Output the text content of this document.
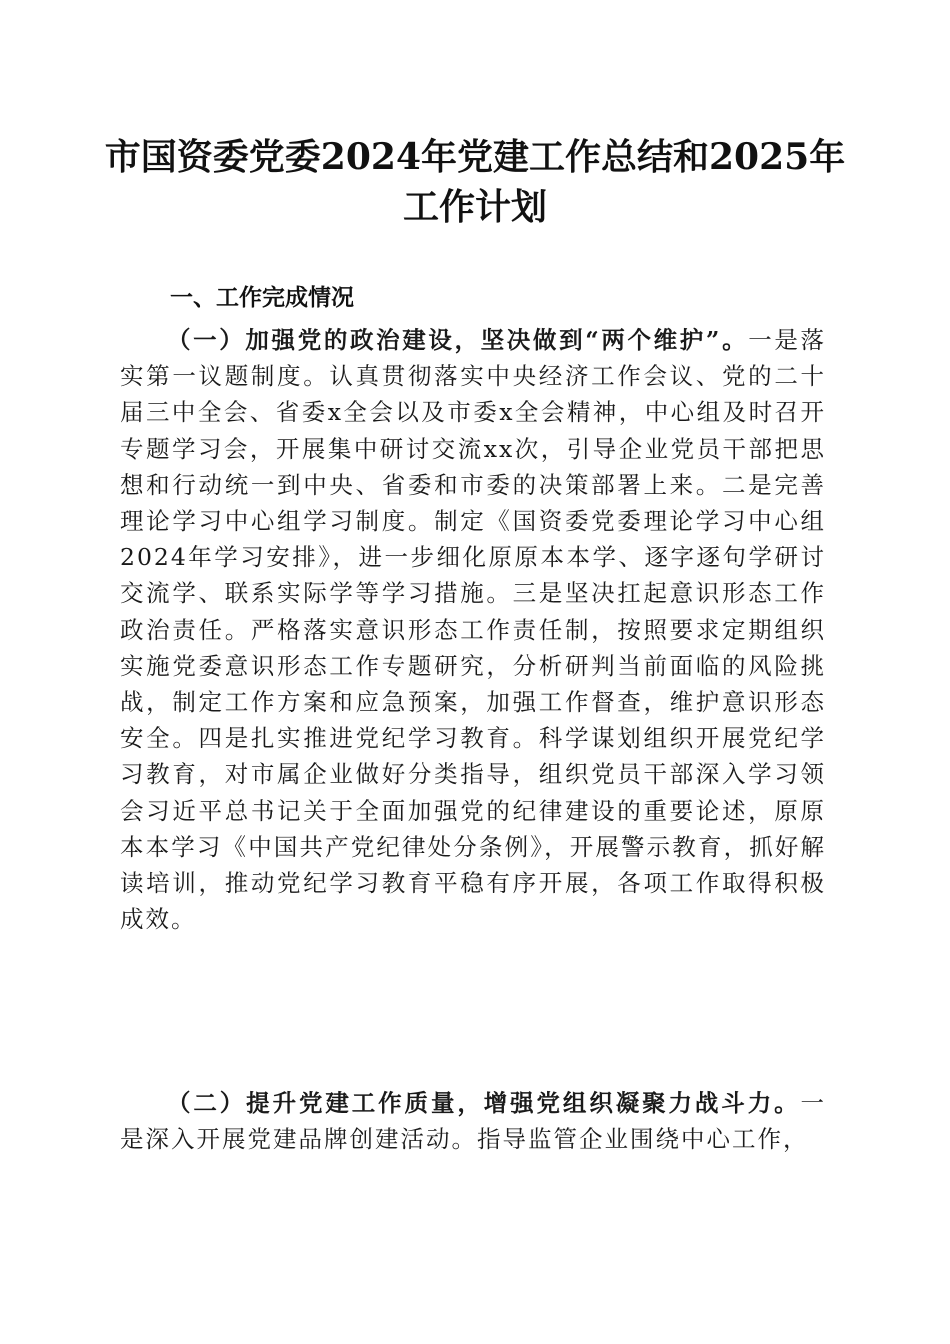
市国资委党委2024年党建工作总结和2025年工作计划
一、工作完成情况

（一）加强党的政治建设，坚决做到“两个维护”。一是落实第一议题制度。认真贯彻落实中央经济工作会议、党的二十届三中全会、省委x全会以及市委x全会精神，中心组及时召开专题学习会，开展集中研讨交流xx次，引导企业党员干部把思想和行动统一到中央、省委和市委的决策部署上来。二是完善理论学习中心组学习制度。制定《国资委党委理论学习中心组2024年学习安排》，进一步细化原原本本学、逐字逐句学研讨交流学、联系实际学等学习措施。三是坚决扛起意识形态工作政治责任。严格落实意识形态工作责任制，按照要求定期组织实施党委意识形态工作专题研究，分析研判当前面临的风险挑战，制定工作方案和应急预案，加强工作督查，维护意识形态安全。四是扎实推进党纪学习教育。科学谋划组织开展党纪学习教育，对市属企业做好分类指导，组织党员干部深入学习领会习近平总书记关于全面加强党的纪律建设的重要论述，原原本本学习《中国共产党纪律处分条例》，开展警示教育，抓好解读培训，推动党纪学习教育平稳有序开展，各项工作取得积极成效。

（二）提升党建工作质量，增强党组织凝聚力战斗力。一是深入开展党建品牌创建活动。指导监管企业围绕中心工作，
